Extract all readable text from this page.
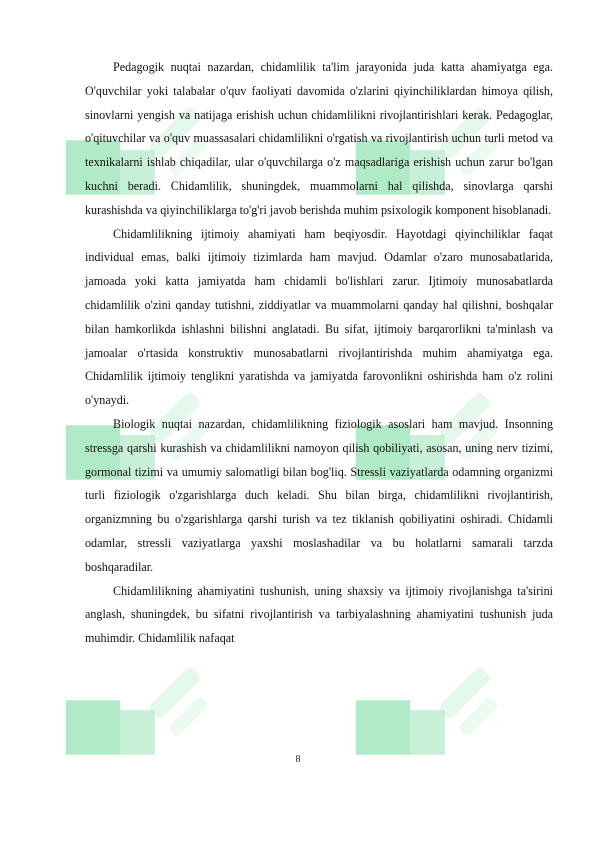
Pedagogik nuqtai nazardan, chidamlilik ta'lim jarayonida juda katta ahamiyatga ega. O'quvchilar yoki talabalar o'quv faoliyati davomida o'zlarini qiyinchiliklardan himoya qilish, sinovlarni yengish va natijaga erishish uchun chidamlilikni rivojlantirishlari kerak. Pedagoglar, o'qituvchilar va o'quv muassasalari chidamlilikni o'rgatish va rivojlantirish uchun turli metod va texnikalarni ishlab chiqadilar, ular o'quvchilarga o'z maqsadlariga erishish uchun zarur bo'lgan kuchni beradi. Chidamlilik, shuningdek, muammolarni hal qilishda, sinovlarga qarshi kurashishda va qiyinchiliklarga to'g'ri javob berishda muhim psixologik komponent hisoblanadi.

Chidamlilikning ijtimoiy ahamiyati ham beqiyosdir. Hayotdagi qiyinchiliklar faqat individual emas, balki ijtimoiy tizimlarda ham mavjud. Odamlar o'zaro munosabatlarida, jamoada yoki katta jamiyatda ham chidamli bo'lishlari zarur. Ijtimoiy munosabatlarda chidamlilik o'zini qanday tutishni, ziddiyatlar va muammolarni qanday hal qilishni, boshqalar bilan hamkorlikda ishlashni bilishni anglatadi. Bu sifat, ijtimoiy barqarorlikni ta'minlash va jamoalar o'rtasida konstruktiv munosabatlarni rivojlantirishda muhim ahamiyatga ega. Chidamlilik ijtimoiy tenglikni yaratishda va jamiyatda farovonlikni oshirishda ham o'z rolini o'ynaydi.

Biologik nuqtai nazardan, chidamlilikning fiziologik asoslari ham mavjud. Insonning stressga qarshi kurashish va chidamlilikni namoyon qilish qobiliyati, asosan, uning nerv tizimi, gormonal tizimi va umumiy salomatligi bilan bog'liq. Stressli vaziyatlarda odamning organizmi turli fiziologik o'zgarishlarga duch keladi. Shu bilan birga, chidamlilikni rivojlantirish, organizmning bu o'zgarishlarga qarshi turish va tez tiklanish qobiliyatini oshiradi. Chidamli odamlar, stressli vaziyatlarga yaxshi moslashadilar va bu holatlarni samarali tarzda boshqaradilar.

Chidamlilikning ahamiyatini tushunish, uning shaxsiy va ijtimoiy rivojlanishga ta'sirini anglash, shuningdek, bu sifatni rivojlantirish va tarbiyalashning ahamiyatini tushunish juda muhimdir. Chidamlilik nafaqat

8
